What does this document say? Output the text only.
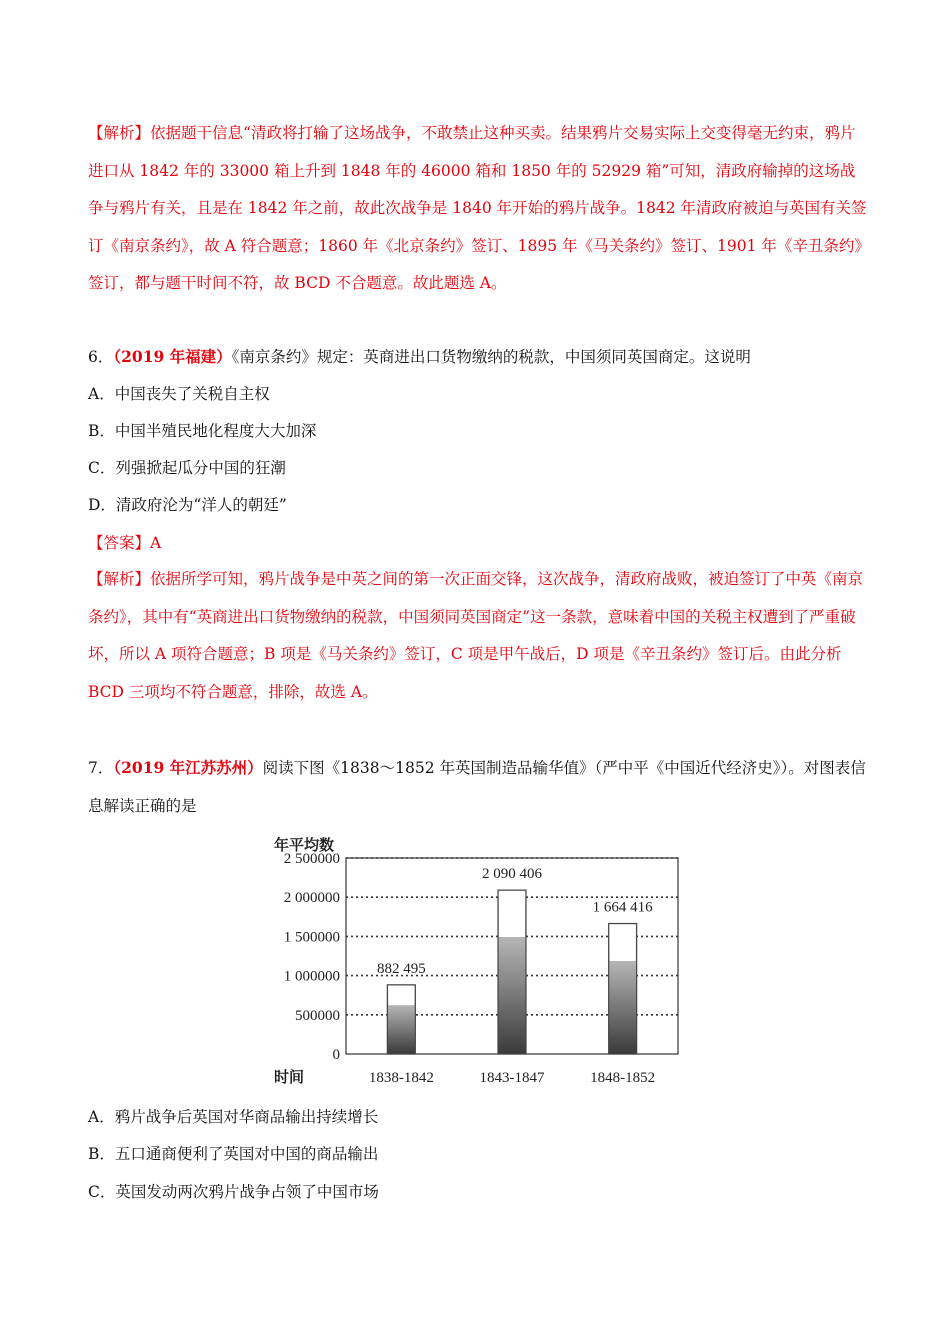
【解析】依据题干信息“清政将打输了这场战争，不敢禁止这种买卖。结果鸦片交易实际上交变得毫无约束，鸦片进口从 1842 年的 33000 箱上升到 1848 年的 46000 箱和 1850 年的 52929 箱”可知，清政府输掉的这场战争与鸦片有关，且是在 1842 年之前，故此次战争是 1840 年开始的鸦片战争。1842 年清政府被迫与英国有关签订《南京条约》，故 A 符合题意；1860 年《北京条约》签订、1895 年《马关条约》签订、1901 年《辛丑条约》签订，都与题干时间不符，故 BCD 不合题意。故此题选 A。

6．（2019 年福建）《南京条约》规定：英商进出口货物缴纳的税款，中国须同英国商定。这说明
A．中国丧失了关税自主权
B．中国半殖民地化程度大大加深
C．列强掀起瓜分中国的狂潮
D．清政府沦为“洋人的朝廷”
【答案】A

【解析】依据所学可知，鸦片战争是中英之间的第一次正面交锋，这次战争，清政府战败，被迫签订了中英《南京条约》，其中有“英商进出口货物缴纳的税款，中国须同英国商定”这一条款，意味着中国的关税主权遭到了严重破坏，所以 A 项符合题意；B 项是《马关条约》签订，C 项是甲午战后，D 项是《辛丑条约》签订后。由此分析 BCD 三项均不符合题意，排除，故选 A。

7．（2019 年江苏苏州）阅读下图《1838～1852 年英国制造品输华值》（严中平《中国近代经济史》）。对图表信息解读正确的是

0
500000
1 000000
1 500000
2 000000
2 500000
年平均数
882 495
1838-1842
2 090 406
1843-1847
1 664 416
1848-1852
时间
A．鸦片战争后英国对华商品输出持续增长
B．五口通商便利了英国对中国的商品输出
C．英国发动两次鸦片战争占领了中国市场
